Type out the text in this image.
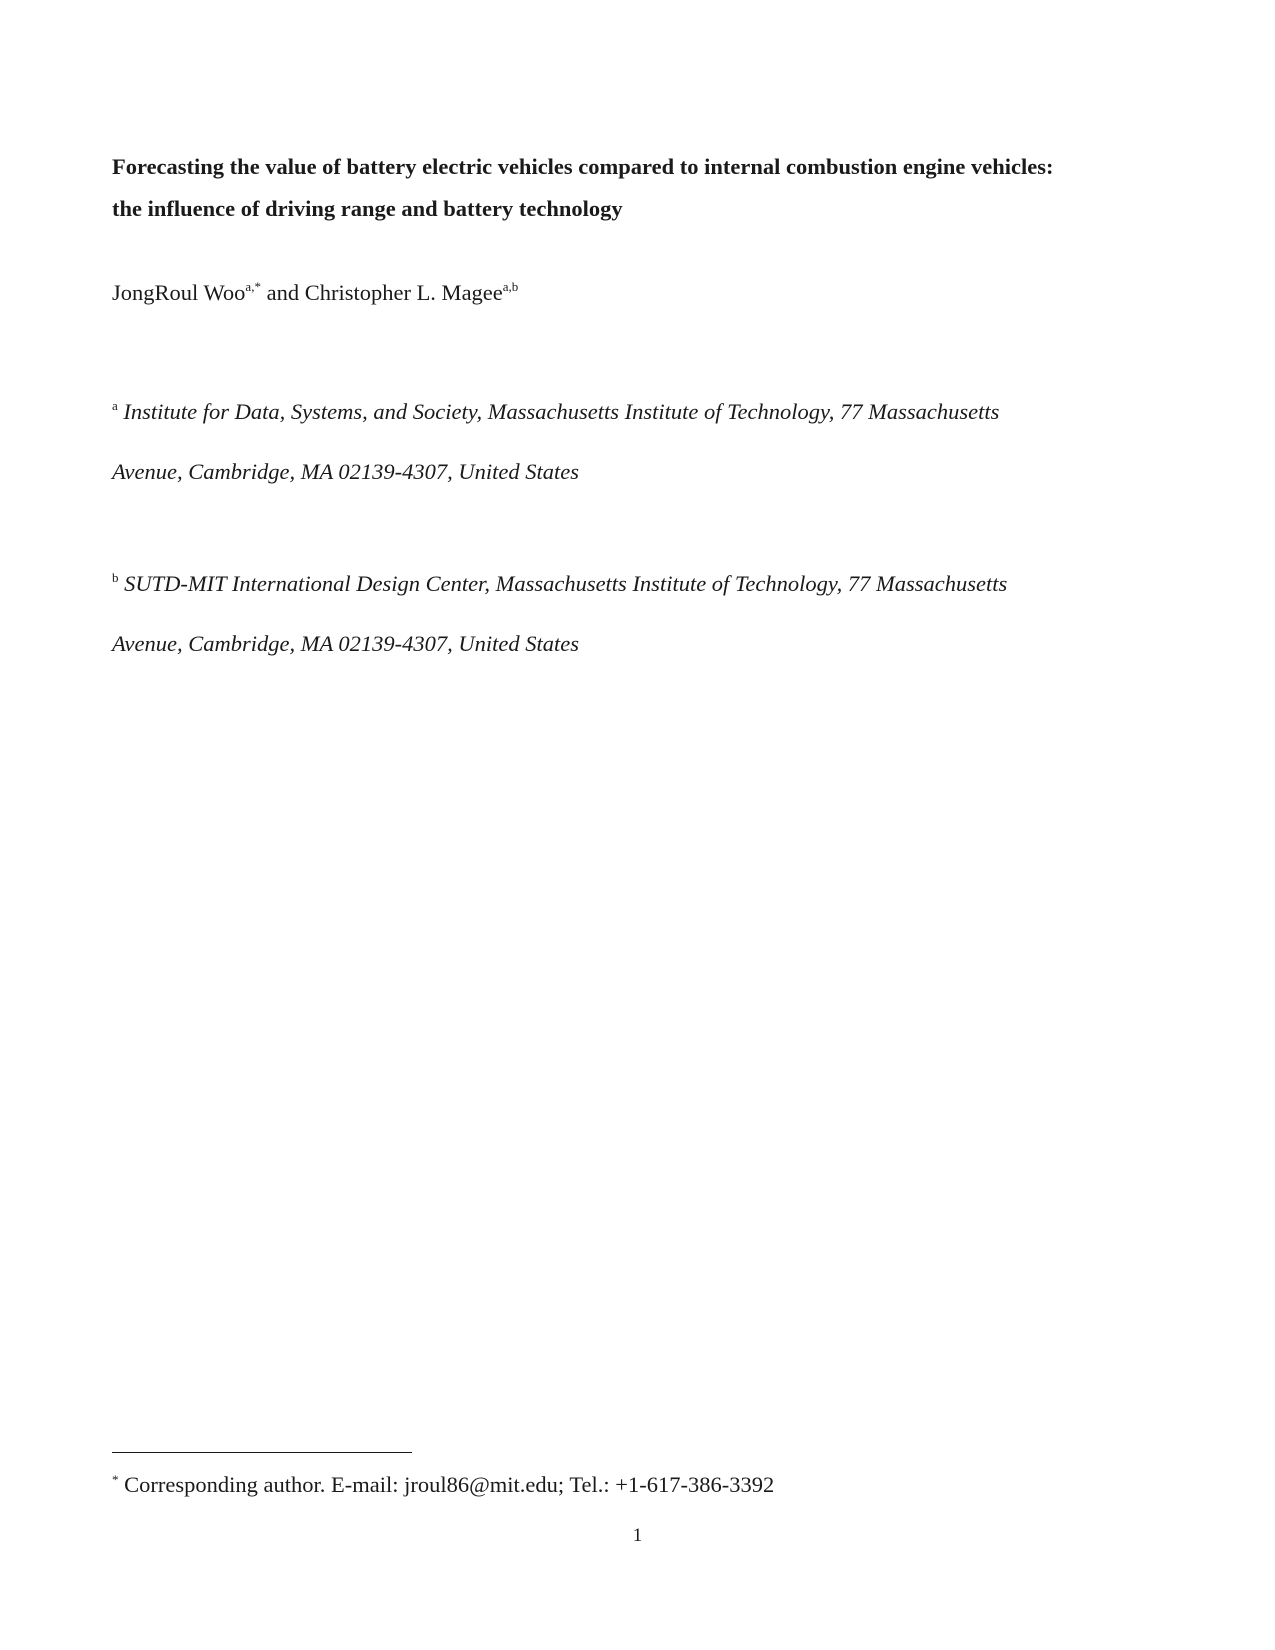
Forecasting the value of battery electric vehicles compared to internal combustion engine vehicles:
the influence of driving range and battery technology

JongRoul Woo$^{a,*}$ and Christopher L. Magee$^{a,b}$

$^a$ Institute for Data, Systems, and Society, Massachusetts Institute of Technology, 77 Massachusetts
Avenue, Cambridge, MA 02139-4307, United States

$^b$ SUTD-MIT International Design Center, Massachusetts Institute of Technology, 77 Massachusetts
Avenue, Cambridge, MA 02139-4307, United States

* Corresponding author. E-mail: jroul86@mit.edu; Tel.: +1-617-386-3392

1
